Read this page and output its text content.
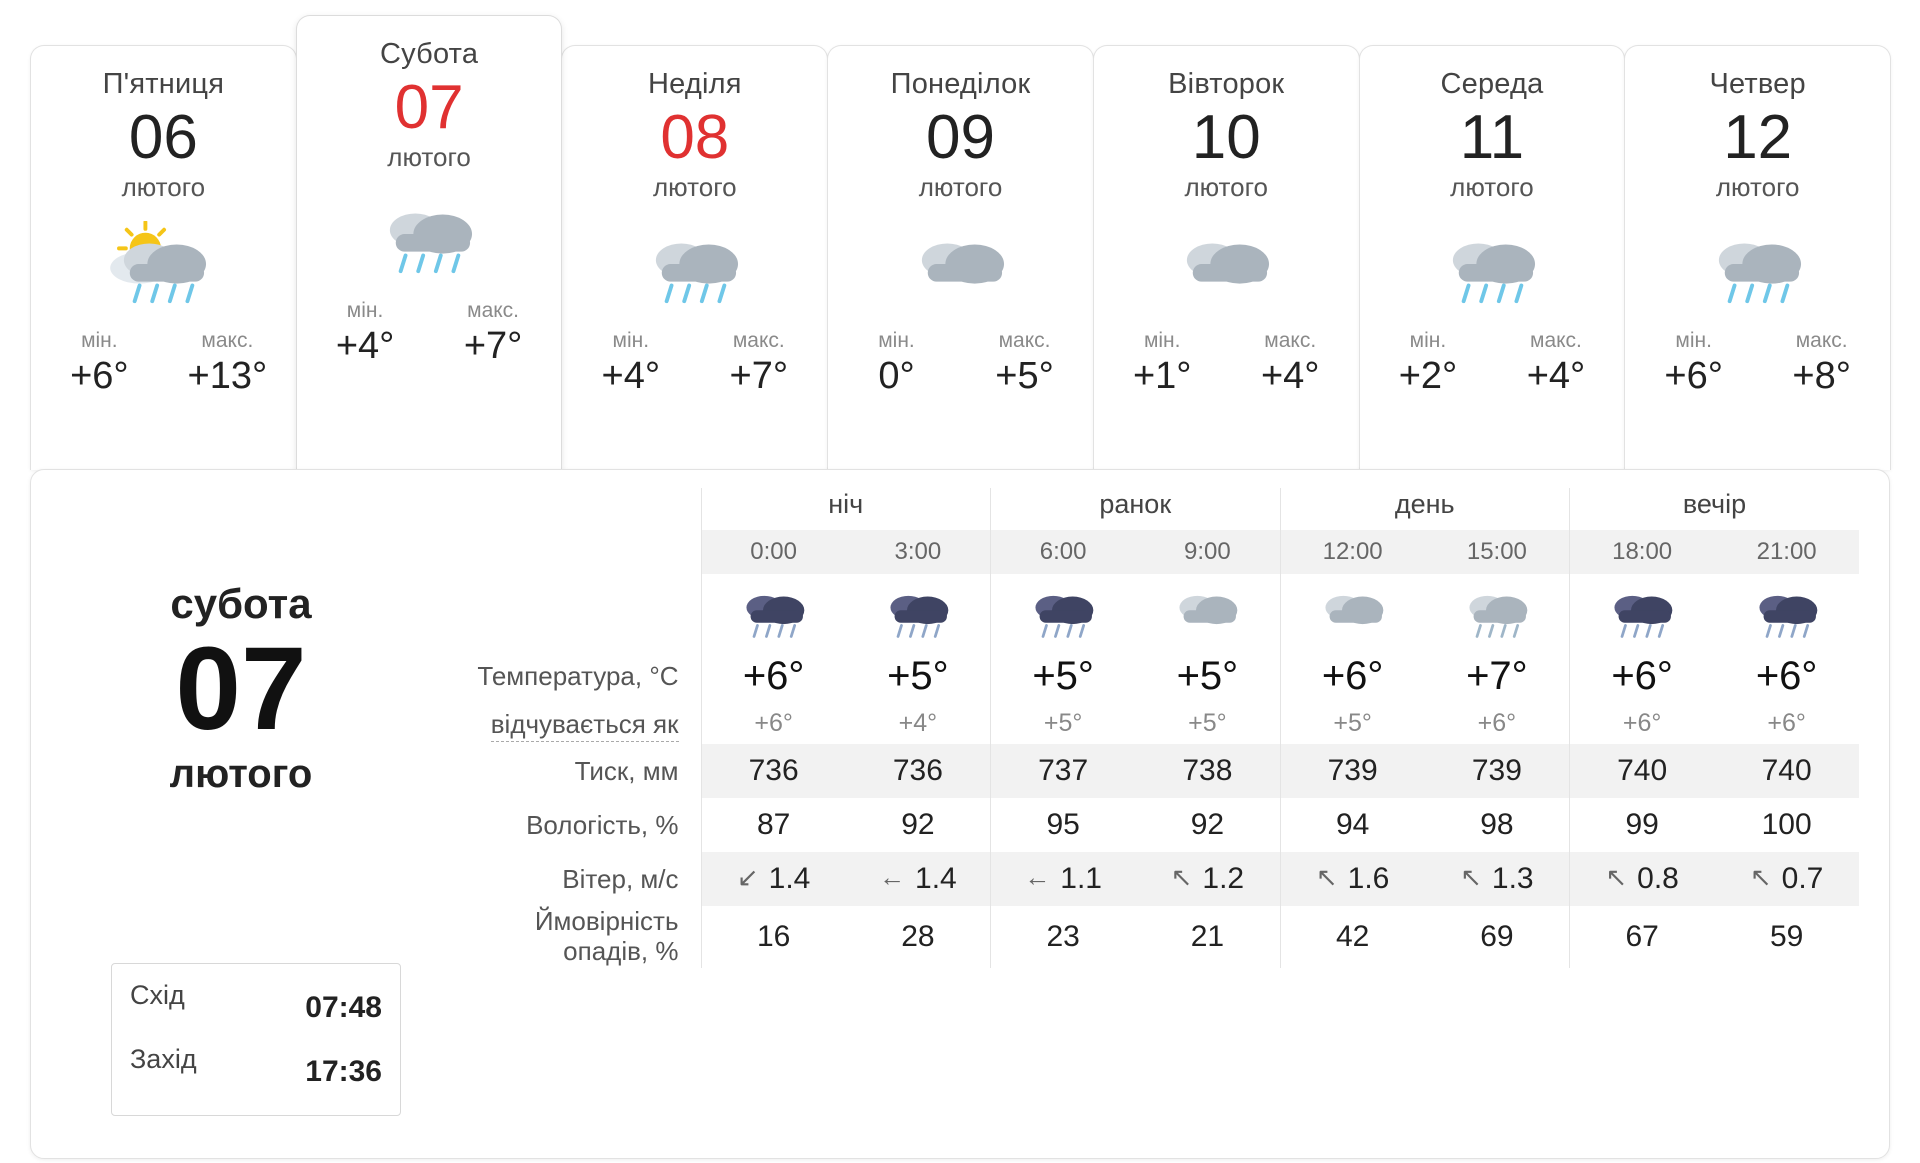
П'ятниця
06
лютого
мін.
+6°
макс.
+13°
Субота
07
лютого
мін.
+4°
макс.
+7°
Неділя
08
лютого
мін.
+4°
макс.
+7°
Понеділок
09
лютого
мін.
0°
макс.
+5°
Вівторок
10
лютого
мін.
+1°
макс.
+4°
Середа
11
лютого
мін.
+2°
макс.
+4°
Четвер
12
лютого
мін.
+6°
макс.
+8°
субота
07
лютого
Схід	07:48
Захід	17:36
	ніч		ранок		день		вечір	
	0:00	3:00	6:00	9:00	12:00	15:00	18:00	21:00

Температура, °C	+6°	+5°	+5°	+5°	+6°	+7°	+6°	+6°
відчувається як	+6°	+4°	+5°	+5°	+5°	+6°	+6°	+6°
Тиск, мм	736	736	737	738	739	739	740	740
Вологість, %	87	92	95	92	94	98	99	100
Вітер, м/с	↙ 1.4	← 1.4	← 1.1	↖ 1.2	↖ 1.6	↖ 1.3	↖ 0.8	↖ 0.7

Ймовірність
опадів, %	16	28	23	21	42	69	67	59
